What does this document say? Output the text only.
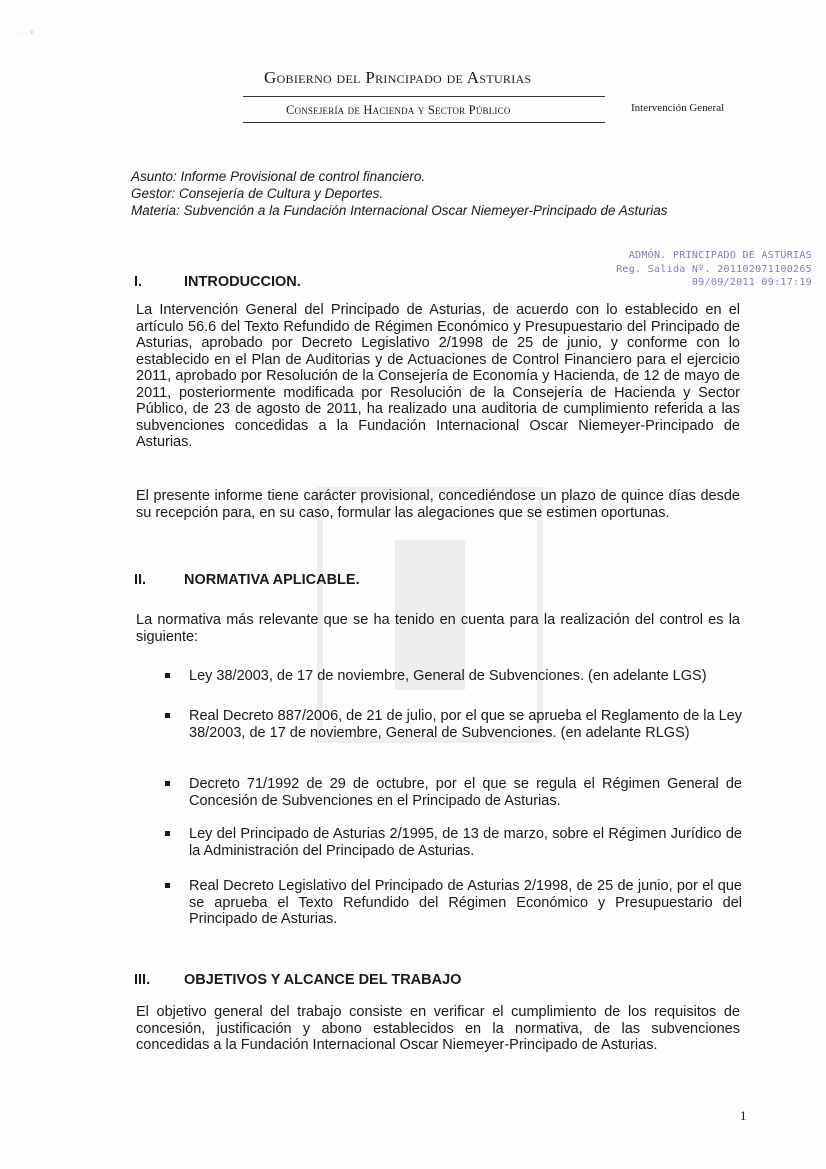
· · ᵍ
Gobierno del Principado de Asturias
Consejería de Hacienda y Sector Público	Intervención General
Asunto: Informe Provisional de control financiero.
Gestor: Consejería de Cultura y Deportes.
Materia: Subvención a la Fundación Internacional Oscar Niemeyer-Principado de Asturias
ADMÓN. PRINCIPADO DE ASTURIAS
Reg. Salida Nº. 201102071100265
09/09/2011 09:17:19
I.	INTRODUCCION.
La Intervención General del Principado de Asturias, de acuerdo con lo establecido en el artículo 56.6 del Texto Refundido de Régimen Económico y Presupuestario del Principado de Asturias, aprobado por Decreto Legislativo 2/1998 de 25 de junio, y conforme con lo establecido en el Plan de Auditorias y de Actuaciones de Control Financiero para el ejercicio 2011, aprobado por Resolución de la Consejería de Economía y Hacienda, de 12 de mayo de 2011, posteriormente modificada por Resolución de la Consejería de Hacienda y Sector Público, de 23 de agosto de 2011, ha realizado una auditoria de cumplimiento referida a las subvenciones concedidas a la Fundación Internacional Oscar Niemeyer-Principado de Asturias.
El presente informe tiene carácter provisional, concediéndose un plazo de quince días desde su recepción para, en su caso, formular las alegaciones que se estimen oportunas.
II.	NORMATIVA APLICABLE.
La normativa más relevante que se ha tenido en cuenta para la realización del control es la siguiente:
Ley 38/2003, de 17 de noviembre, General de Subvenciones. (en adelante LGS)
Real Decreto 887/2006, de 21 de julio, por el que se aprueba el Reglamento de la Ley 38/2003, de 17 de noviembre, General de Subvenciones. (en adelante RLGS)
Decreto 71/1992 de 29 de octubre, por el que se regula el Régimen General de Concesión de Subvenciones en el Principado de Asturias.
Ley del Principado de Asturias 2/1995, de 13 de marzo, sobre el Régimen Jurídico de la Administración del Principado de Asturias.
Real Decreto Legislativo del Principado de Asturias 2/1998, de 25 de junio, por el que se aprueba el Texto Refundido del Régimen Económico y Presupuestario del Principado de Asturias.
III. OBJETIVOS Y ALCANCE DEL TRABAJO
El objetivo general del trabajo consiste en verificar el cumplimiento de los requisitos de concesión, justificación y abono establecidos en la normativa, de las subvenciones concedidas a la Fundación Internacional Oscar Niemeyer-Principado de Asturias.
1
